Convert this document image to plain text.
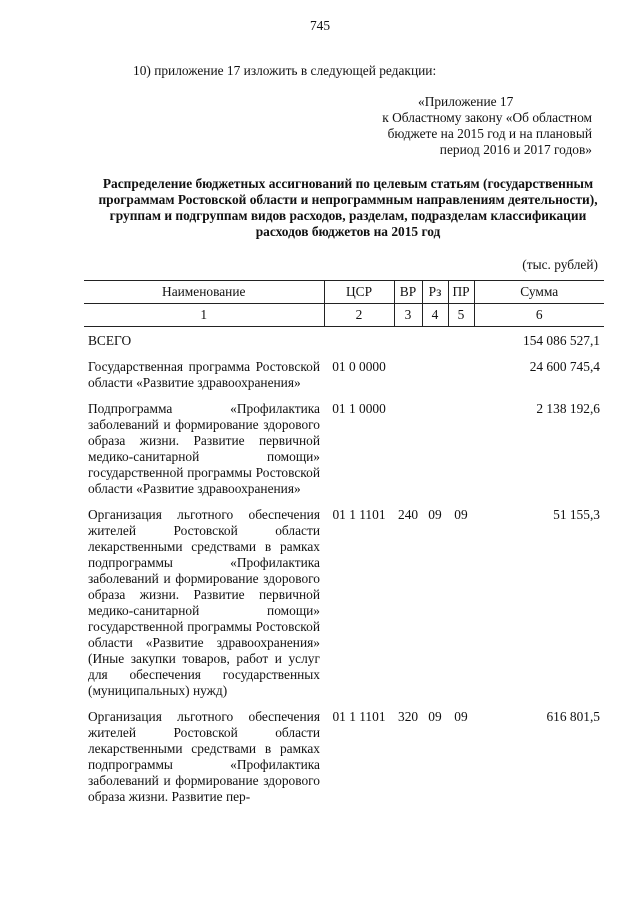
745
10) приложение 17 изложить в следующей редакции:
«Приложение 17
к Областному закону «Об областном
бюджете на 2015 год и на плановый
период 2016 и 2017 годов»
Распределение бюджетных ассигнований по целевым статьям (государственным программам Ростовской области и непрограммным направлениям деятельности), группам и подгруппам видов расходов, разделам, подразделам классификации расходов бюджетов на 2015 год
(тыс. рублей)
Наименование	ЦСР	ВР	Рз	ПР	Сумма
1	2	3	4	5	6
ВСЕГО					154 086 527,1
Государственная программа Ростовской области «Развитие здравоохранения»	01 0 0000				24 600 745,4
Подпрограмма «Профилактика заболеваний и формирование здорового образа жизни. Развитие первичной медико-санитарной помощи» государственной программы Ростовской области «Развитие здравоохранения»	01 1 0000				2 138 192,6
Организация льготного обеспечения жителей Ростовской области лекарственными средствами в рамках подпрограммы «Профилактика заболеваний и формирование здорового образа жизни. Развитие первичной медико-санитарной помощи» государственной программы Ростовской области «Развитие здравоохранения» (Иные закупки товаров, работ и услуг для обеспечения государственных (муниципальных) нужд)	01 1 1101	240	09	09	51 155,3
Организация льготного обеспечения жителей Ростовской области лекарственными средствами в рамках подпрограммы «Профилактика заболеваний и формирование здорового образа жизни. Развитие пер-	01 1 1101	320	09	09	616 801,5
